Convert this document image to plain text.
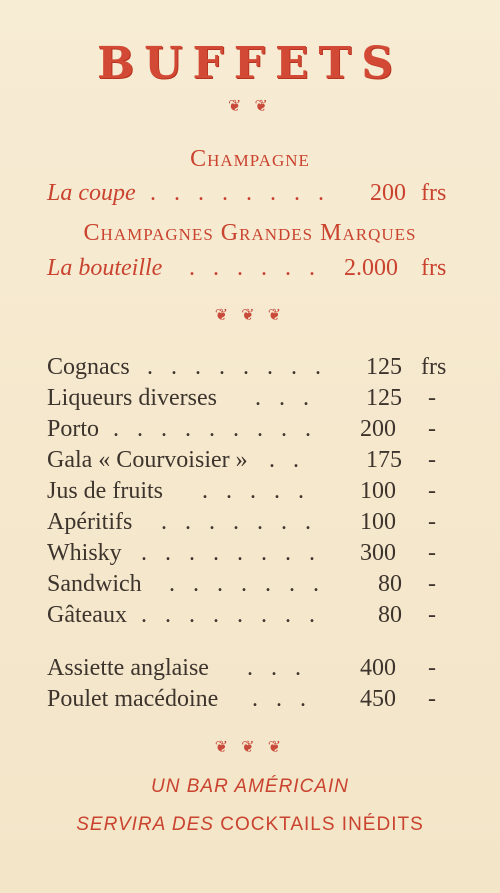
BUFFETS
❦ ❦
Champagne
La coupe . . . . . . . . 200 frs
Champagnes Grandes Marques
La bouteille . . . . . . 2.000 frs
❦ ❦ ❦
Cognacs . . . . . . . . 125 frs
Liqueurs diverses . . . 125 -
Porto . . . . . . . . . 200 -
Gala « Courvoisier » . .	175 -
Jus de fruits . . . . . 100 -
Apéritifs . . . . . . . 100 -
Whisky . . . . . . . . 300 -
Sandwich . . . . . . . 80 -
Gâteaux . . . . . . . . 80 -
Assiette anglaise . . . 400 -
Poulet macédoine . . . 450 -
❦ ❦ ❦
UN BAR AMÉRICAIN
SERVIRA DES COCKTAILS INÉDITS
